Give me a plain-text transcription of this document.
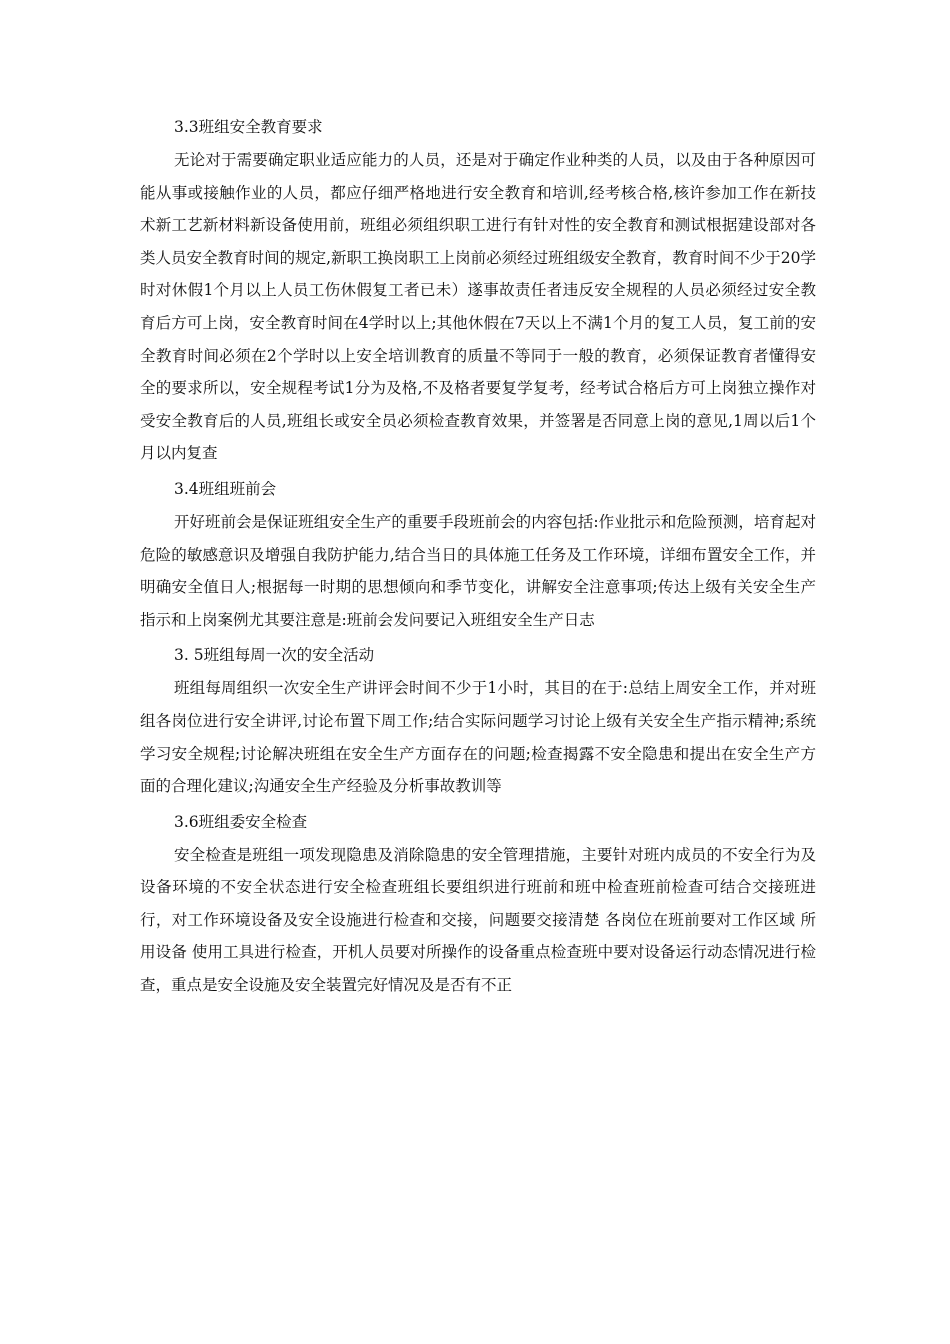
3.3班组安全教育要求

无论对于需要确定职业适应能力的人员，还是对于确定作业种类的人员，以及由于各种原因可能从事或接触作业的人员，都应仔细严格地进行安全教育和培训,经考核合格,核许参加工作在新技术新工艺新材料新设备使用前，班组必须组织职工进行有针对性的安全教育和测试根据建设部对各类人员安全教育时间的规定,新职工换岗职工上岗前必须经过班组级安全教育，教育时间不少于20学时对休假1个月以上人员工伤休假复工者已未）遂事故责任者违反安全规程的人员必须经过安全教育后方可上岗，安全教育时间在4学时以上;其他休假在7天以上不满1个月的复工人员，复工前的安全教育时间必须在2个学时以上安全培训教育的质量不等同于一般的教育，必须保证教育者懂得安全的要求所以，安全规程考试1分为及格,不及格者要复学复考，经考试合格后方可上岗独立操作对受安全教育后的人员,班组长或安全员必须检查教育效果，并签署是否同意上岗的意见,1周以后1个月以内复查

3.4班组班前会

开好班前会是保证班组安全生产的重要手段班前会的内容包括:作业批示和危险预测，培育起对危险的敏感意识及增强自我防护能力,结合当日的具体施工任务及工作环境，详细布置安全工作，并明确安全值日人;根据每一时期的思想倾向和季节变化，讲解安全注意事项;传达上级有关安全生产指示和上岗案例尤其要注意是:班前会发问要记入班组安全生产日志

3. 5班组每周一次的安全活动

班组每周组织一次安全生产讲评会时间不少于1小时，其目的在于:总结上周安全工作，并对班组各岗位进行安全讲评,讨论布置下周工作;结合实际问题学习讨论上级有关安全生产指示精神;系统学习安全规程;讨论解决班组在安全生产方面存在的问题;检查揭露不安全隐患和提出在安全生产方面的合理化建议;沟通安全生产经验及分析事故教训等

3.6班组委安全检查

安全检查是班组一项发现隐患及消除隐患的安全管理措施，主要针对班内成员的不安全行为及设备环境的不安全状态进行安全检查班组长要组织进行班前和班中检查班前检查可结合交接班进行，对工作环境设备及安全设施进行检查和交接，问题要交接清楚 各岗位在班前要对工作区域 所用设备 使用工具进行检查，开机人员要对所操作的设备重点检查班中要对设备运行动态情况进行检查，重点是安全设施及安全装置完好情况及是否有不正
